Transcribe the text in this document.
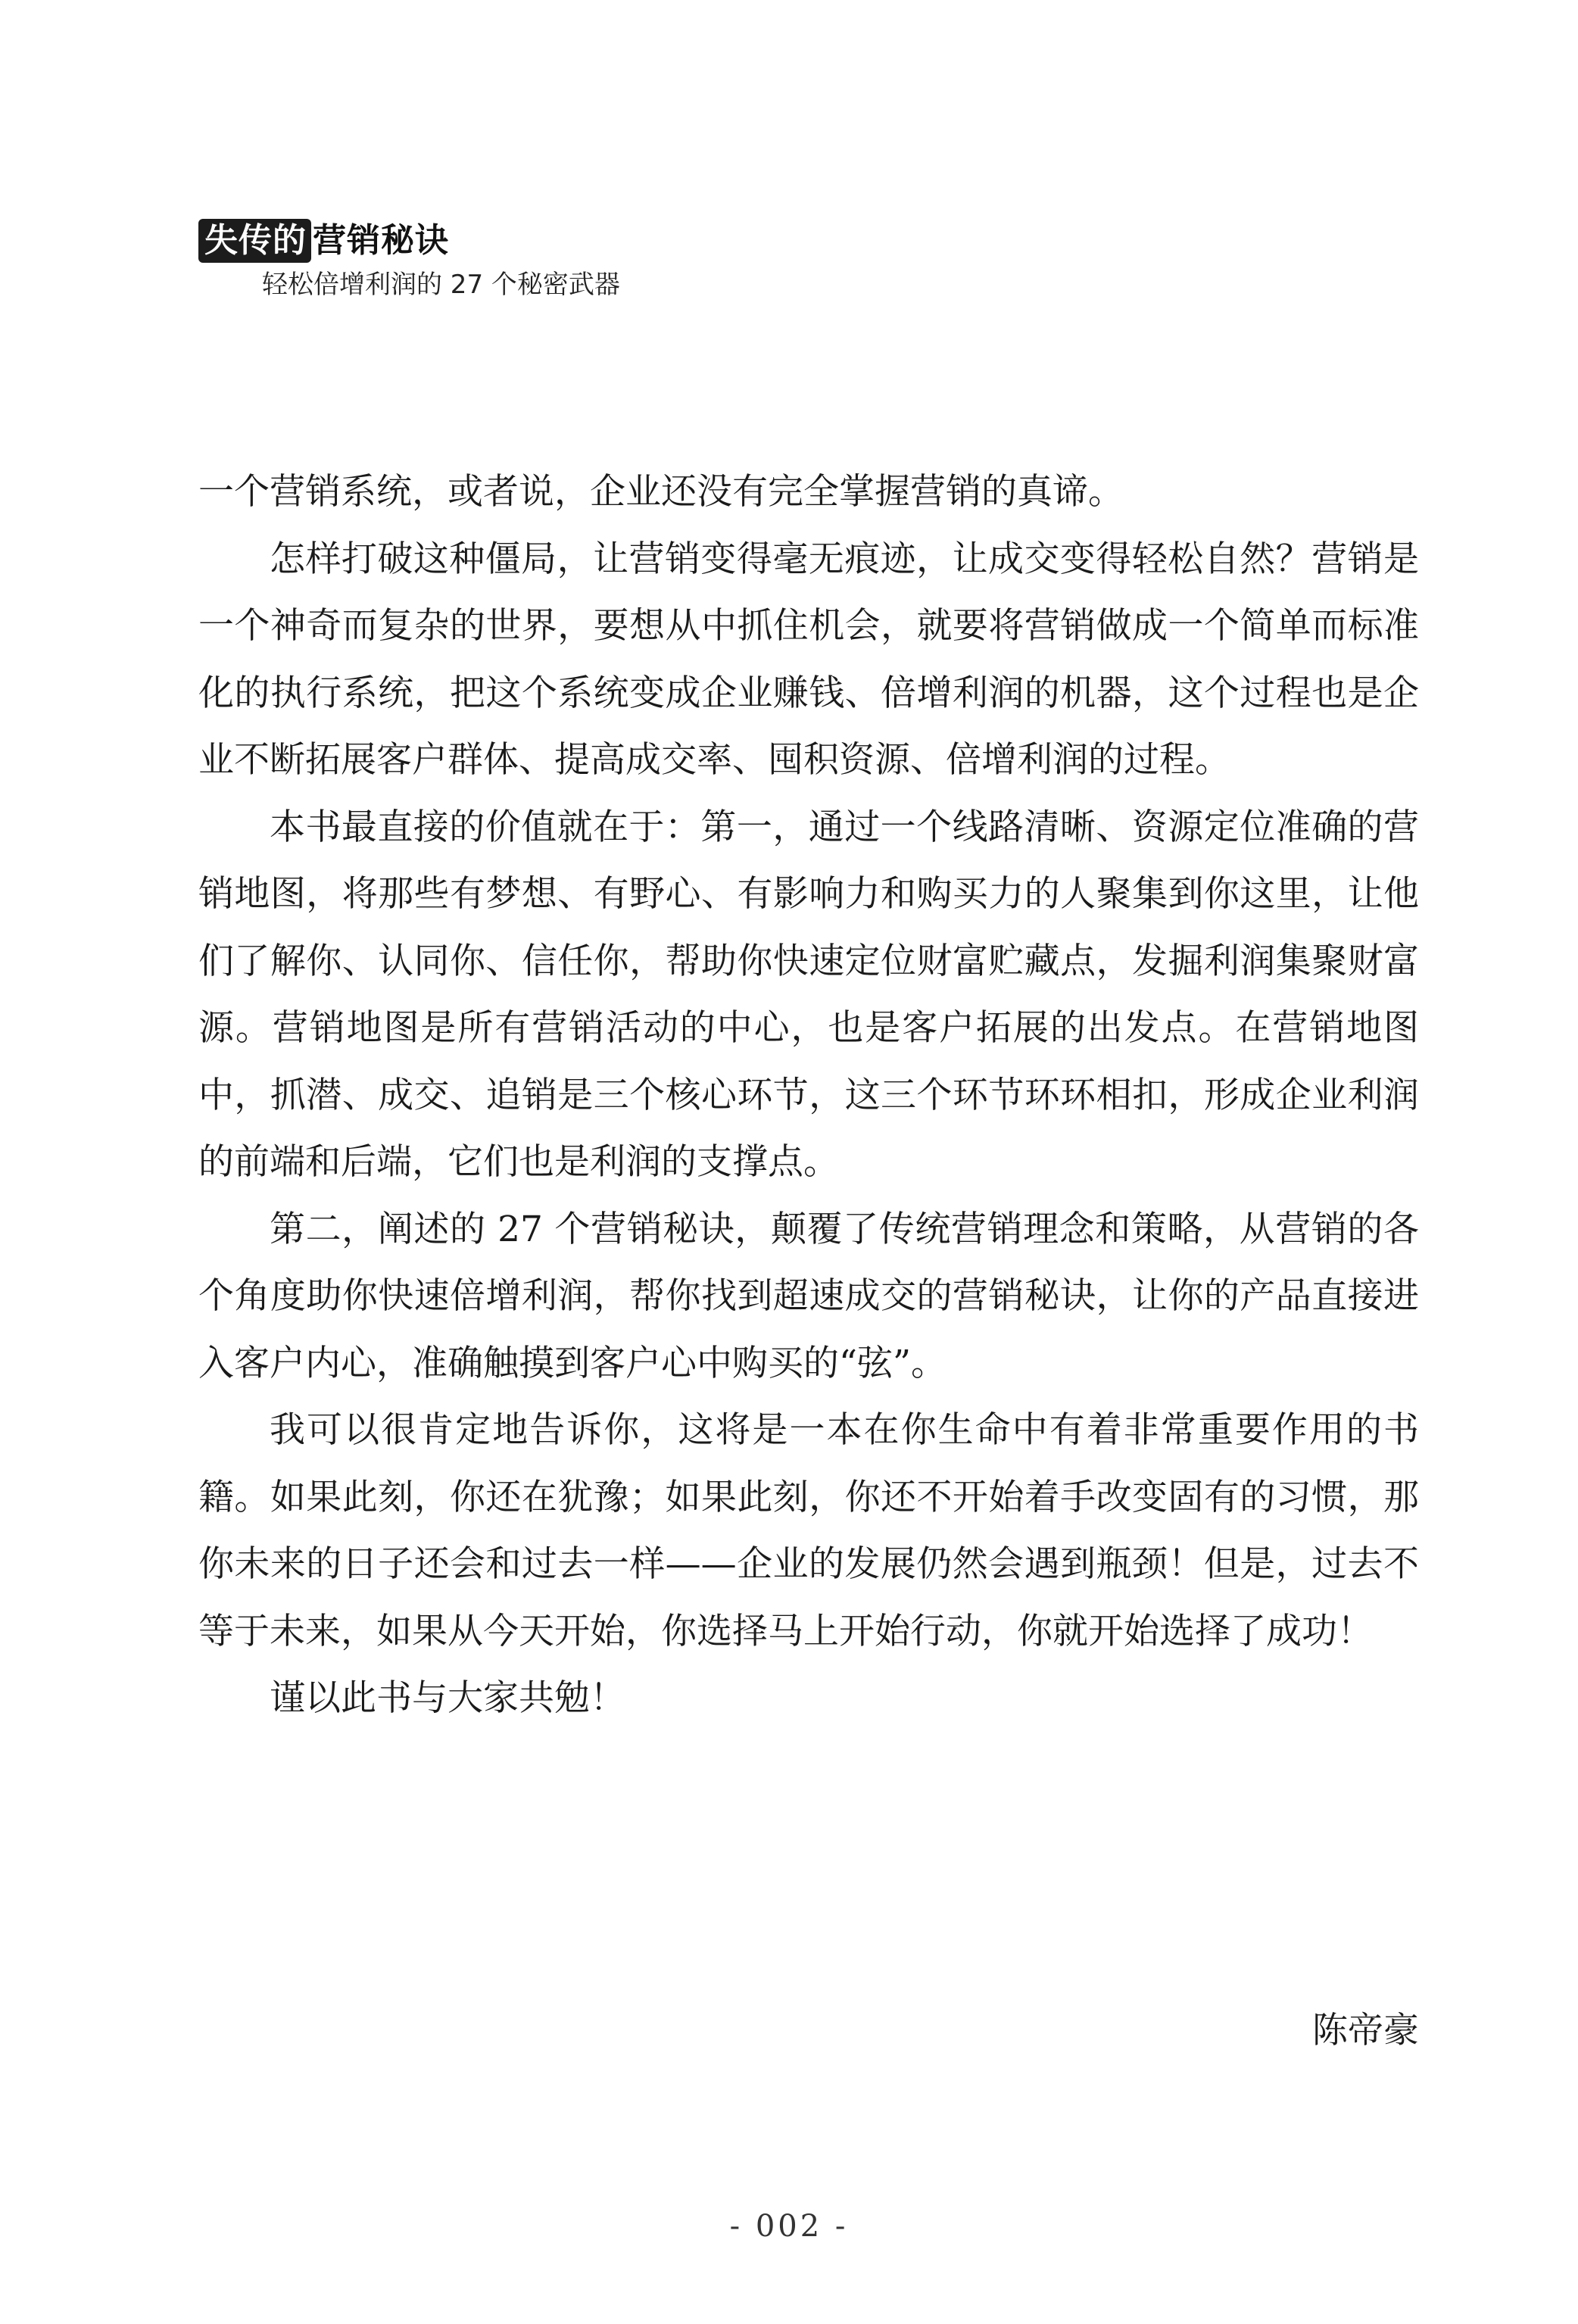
失传的 营销秘诀
轻松倍增利润的 27 个秘密武器

一个营销系统，或者说，企业还没有完全掌握营销的真谛。

怎样打破这种僵局，让营销变得毫无痕迹，让成交变得轻松自然？营销是一个神奇而复杂的世界，要想从中抓住机会，就要将营销做成一个简单而标准化的执行系统，把这个系统变成企业赚钱、倍增利润的机器，这个过程也是企业不断拓展客户群体、提高成交率、囤积资源、倍增利润的过程。

本书最直接的价值就在于：第一，通过一个线路清晰、资源定位准确的营销地图，将那些有梦想、有野心、有影响力和购买力的人聚集到你这里，让他们了解你、认同你、信任你，帮助你快速定位财富贮藏点，发掘利润集聚财富源。营销地图是所有营销活动的中心，也是客户拓展的出发点。在营销地图中，抓潜、成交、追销是三个核心环节，这三个环节环环相扣，形成企业利润的前端和后端，它们也是利润的支撑点。

第二，阐述的 27 个营销秘诀，颠覆了传统营销理念和策略，从营销的各个角度助你快速倍增利润，帮你找到超速成交的营销秘诀，让你的产品直接进入客户内心，准确触摸到客户心中购买的“弦”。

我可以很肯定地告诉你，这将是一本在你生命中有着非常重要作用的书籍。如果此刻，你还在犹豫；如果此刻，你还不开始着手改变固有的习惯，那你未来的日子还会和过去一样——企业的发展仍然会遇到瓶颈！但是，过去不等于未来，如果从今天开始，你选择马上开始行动，你就开始选择了成功！

谨以此书与大家共勉！

陈帝豪
- 002 -
